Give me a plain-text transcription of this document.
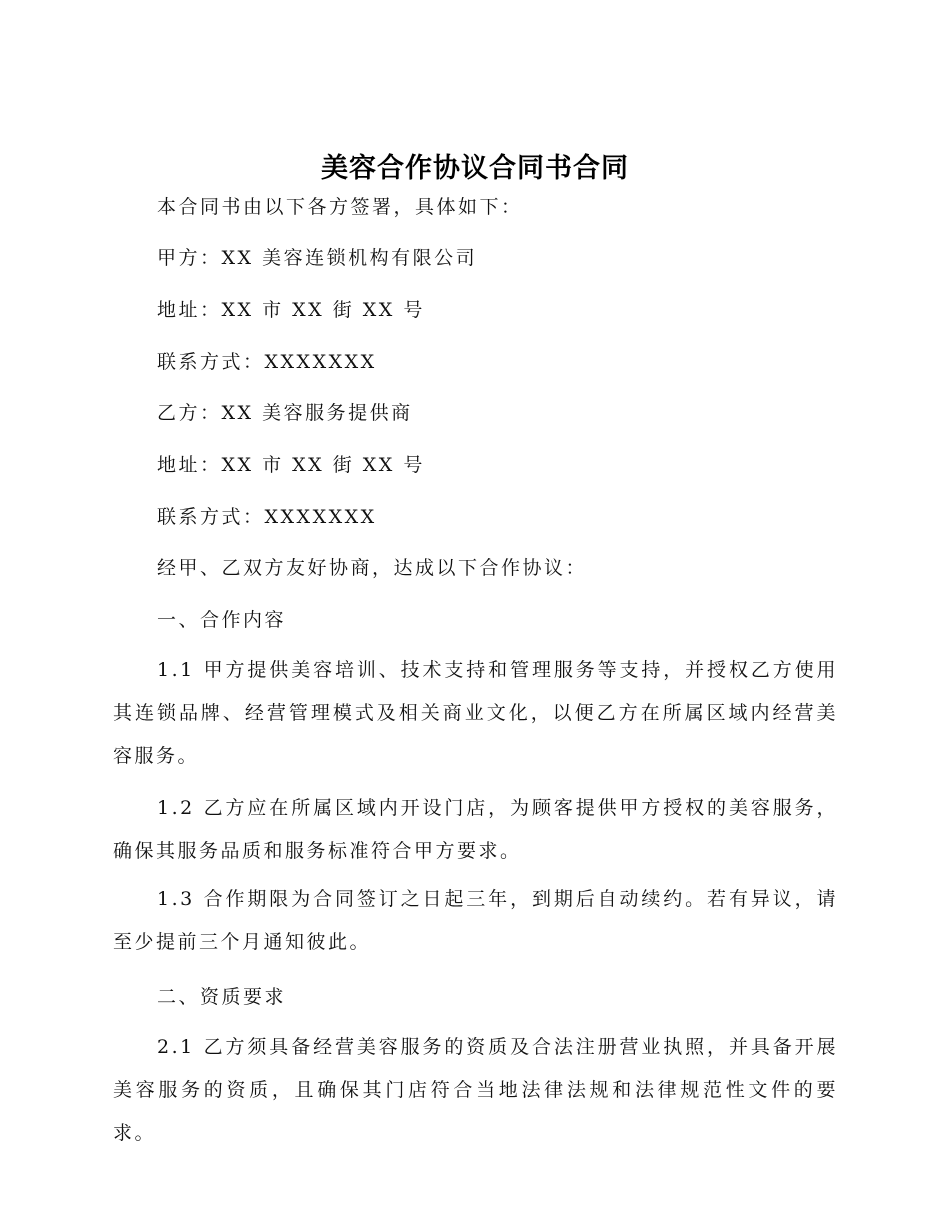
美容合作协议合同书合同
本合同书由以下各方签署，具体如下：
甲方：XX 美容连锁机构有限公司
地址：XX 市 XX 街 XX 号
联系方式：XXXXXXX
乙方：XX 美容服务提供商
地址：XX 市 XX 街 XX 号
联系方式：XXXXXXX
经甲、乙双方友好协商，达成以下合作协议：
一、合作内容
1.1 甲方提供美容培训、技术支持和管理服务等支持，并授权乙方使用其连锁品牌、经营管理模式及相关商业文化，以便乙方在所属区域内经营美容服务。
1.2 乙方应在所属区域内开设门店，为顾客提供甲方授权的美容服务，确保其服务品质和服务标准符合甲方要求。
1.3 合作期限为合同签订之日起三年，到期后自动续约。若有异议，请至少提前三个月通知彼此。
二、资质要求
2.1 乙方须具备经营美容服务的资质及合法注册营业执照，并具备开展美容服务的资质，且确保其门店符合当地法律法规和法律规范性文件的要求。
